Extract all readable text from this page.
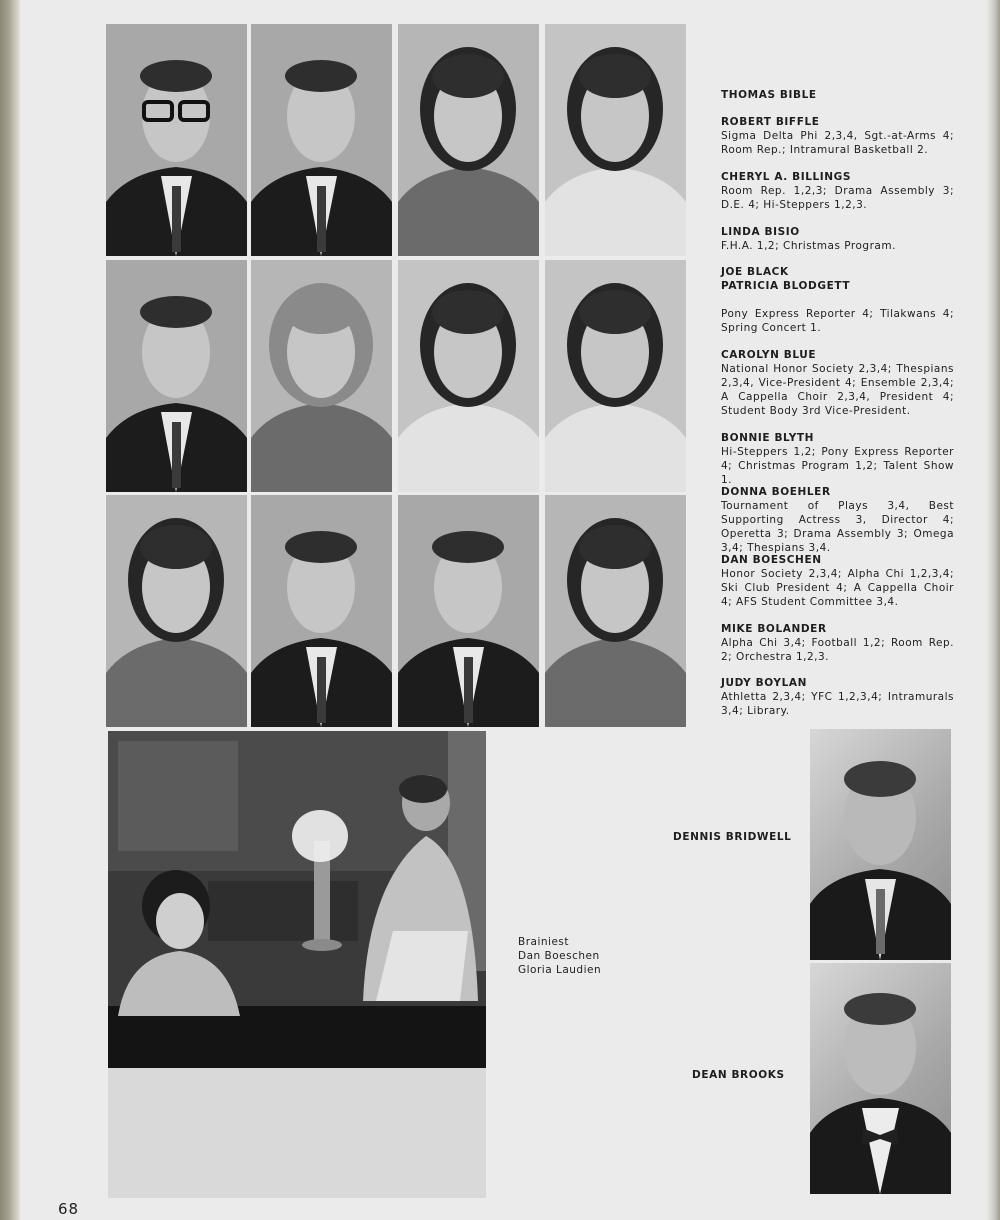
THOMAS BIBLE
ROBERT BIFFLE
Sigma Delta Phi 2,3,4, Sgt.-at-Arms 4; Room Rep.; Intramural Basketball 2.
CHERYL A. BILLINGS
Room Rep. 1,2,3; Drama Assembly 3; D.E. 4; Hi-Steppers 1,2,3.
LINDA BISIO
F.H.A. 1,2; Christmas Program.
JOE BLACK
PATRICIA BLODGETT
Pony Express Reporter 4; Tilakwans 4; Spring Concert 1.
CAROLYN BLUE
National Honor Society 2,3,4; Thespians 2,3,4, Vice-President 4; Ensemble 2,3,4; A Cappella Choir 2,3,4, President 4; Student Body 3rd Vice-President.
BONNIE BLYTH
Hi-Steppers 1,2; Pony Express Reporter 4; Christmas Program 1,2; Talent Show 1.
DONNA BOEHLER
Tournament of Plays 3,4, Best Supporting Actress 3, Director 4; Operetta 3; Drama Assembly 3; Omega 3,4; Thespians 3,4.
DAN BOESCHEN
Honor Society 2,3,4; Alpha Chi 1,2,3,4; Ski Club President 4; A Cappella Choir 4; AFS Student Committee 3,4.
MIKE BOLANDER
Alpha Chi 3,4; Football 1,2; Room Rep. 2; Orchestra 1,2,3.
JUDY BOYLAN
Athletta 2,3,4; YFC 1,2,3,4; Intramurals 3,4; Library.
Brainiest
Dan Boeschen
Gloria Laudien
DENNIS BRIDWELL
DEAN BROOKS
68
